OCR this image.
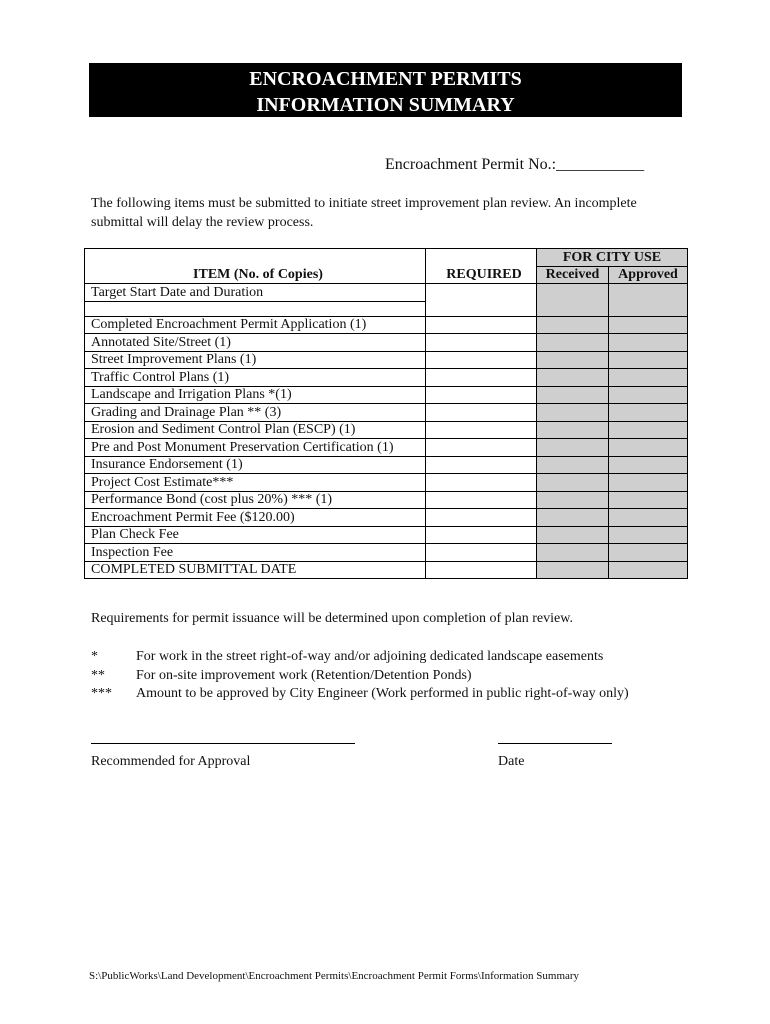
ENCROACHMENT PERMITS
INFORMATION SUMMARY
Encroachment Permit No.:___________
The following items must be submitted to initiate street improvement plan review. An incomplete submittal will delay the review process.
ITEM (No. of Copies)	REQUIRED	FOR CITY USE	
		Received	Approved
Target Start Date and Duration			

Completed Encroachment Permit Application (1)			
Annotated Site/Street (1)			
Street Improvement Plans (1)			
Traffic Control Plans (1)			
Landscape and Irrigation Plans *(1)			
Grading and Drainage Plan ** (3)			
Erosion and Sediment Control Plan (ESCP) (1)			
Pre and Post Monument Preservation Certification (1)			
Insurance Endorsement (1)			
Project Cost Estimate***			
Performance Bond (cost plus 20%) *** (1)			
Encroachment Permit Fee ($120.00)			
Plan Check Fee			
Inspection Fee			
COMPLETED SUBMITTAL DATE			
Requirements for permit issuance will be determined upon completion of plan review.
*	For work in the street right-of-way and/or adjoining dedicated landscape easements
**	For on-site improvement work (Retention/Detention Ponds)
***	Amount to be approved by City Engineer (Work performed in public right-of-way only)
Recommended for Approval	Date
S:\PublicWorks\Land Development\Encroachment Permits\Encroachment Permit Forms\Information Summary
